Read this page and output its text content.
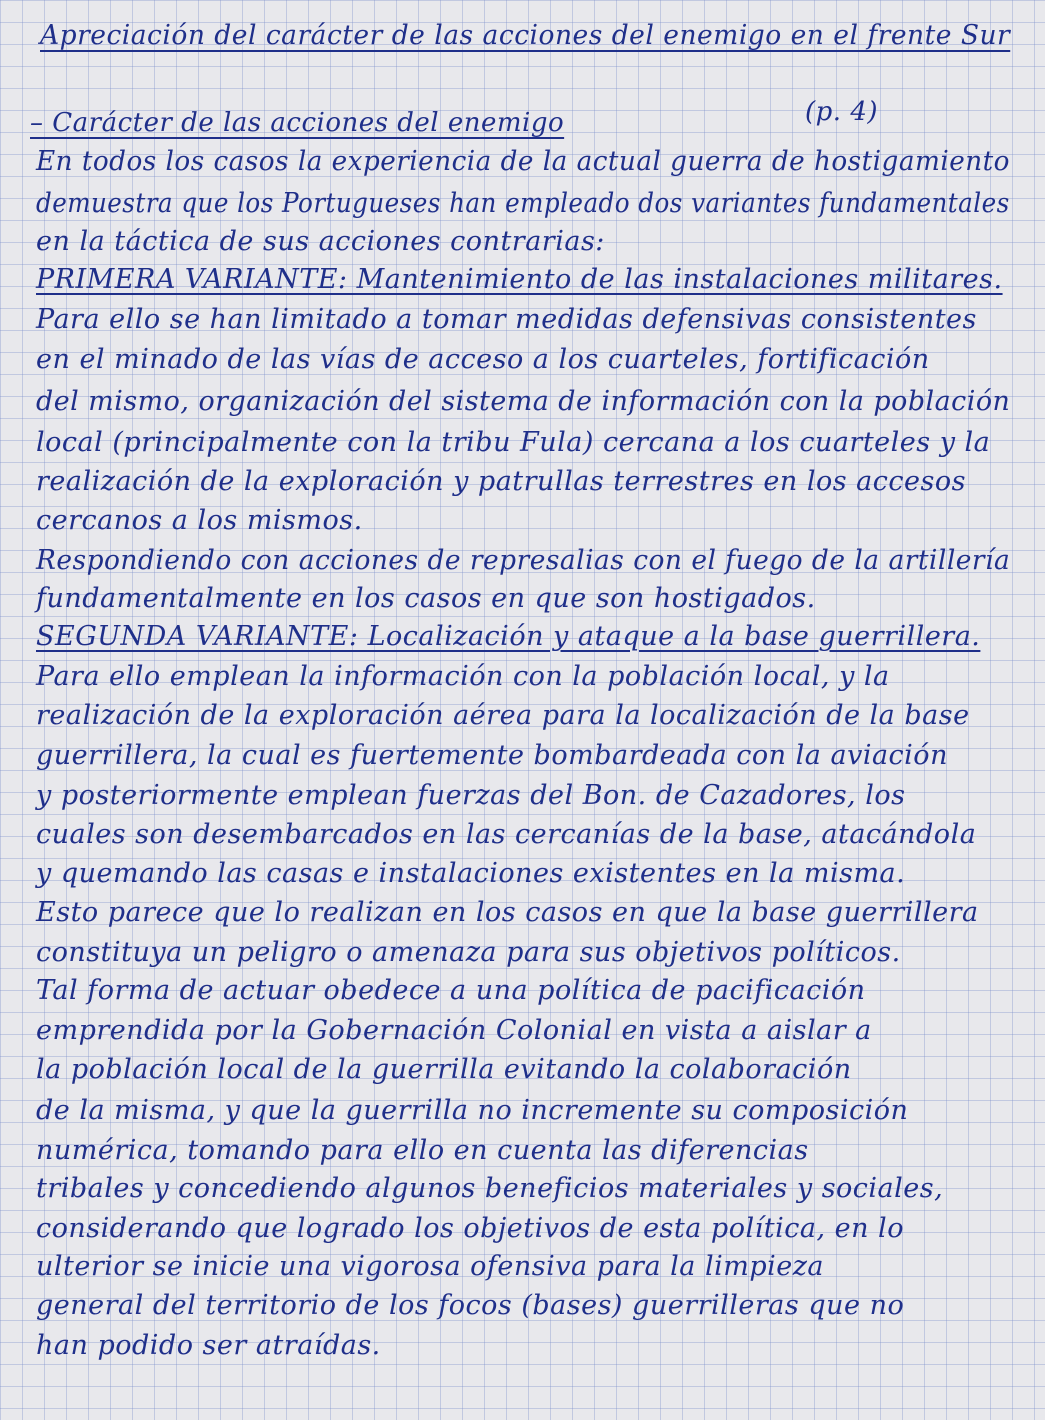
Apreciación del carácter de las acciones del enemigo en el frente Sur
– Carácter de las acciones del enemigo	(p. 4)
En todos los casos la experiencia de la actual guerra de hostigamiento
demuestra que los Portugueses han empleado dos variantes fundamentales
en la táctica de sus acciones contrarias:
PRIMERA VARIANTE: Mantenimiento de las instalaciones militares.
Para ello se han limitado a tomar medidas defensivas consistentes
en el minado de las vías de acceso a los cuarteles, fortificación
del mismo, organización del sistema de información con la población
local (principalmente con la tribu Fula) cercana a los cuarteles y la
realización de la exploración y patrullas terrestres en los accesos
cercanos a los mismos.
Respondiendo con acciones de represalias con el fuego de la artillería
fundamentalmente en los casos en que son hostigados.
SEGUNDA VARIANTE: Localización y ataque a la base guerrillera.
Para ello emplean la información con la población local, y la
realización de la exploración aérea para la localización de la base
guerrillera, la cual es fuertemente bombardeada con la aviación
y posteriormente emplean fuerzas del Bon. de Cazadores, los
cuales son desembarcados en las cercanías de la base, atacándola
y quemando las casas e instalaciones existentes en la misma.
Esto parece que lo realizan en los casos en que la base guerrillera
constituya un peligro o amenaza para sus objetivos políticos.
Tal forma de actuar obedece a una política de pacificación
emprendida por la Gobernación Colonial en vista a aislar a
la población local de la guerrilla evitando la colaboración
de la misma, y que la guerrilla no incremente su composición
numérica, tomando para ello en cuenta las diferencias
tribales y concediendo algunos beneficios materiales y sociales,
considerando que logrado los objetivos de esta política, en lo
ulterior se inicie una vigorosa ofensiva para la limpieza
general del territorio de los focos (bases) guerrilleras que no
han podido ser atraídas.
